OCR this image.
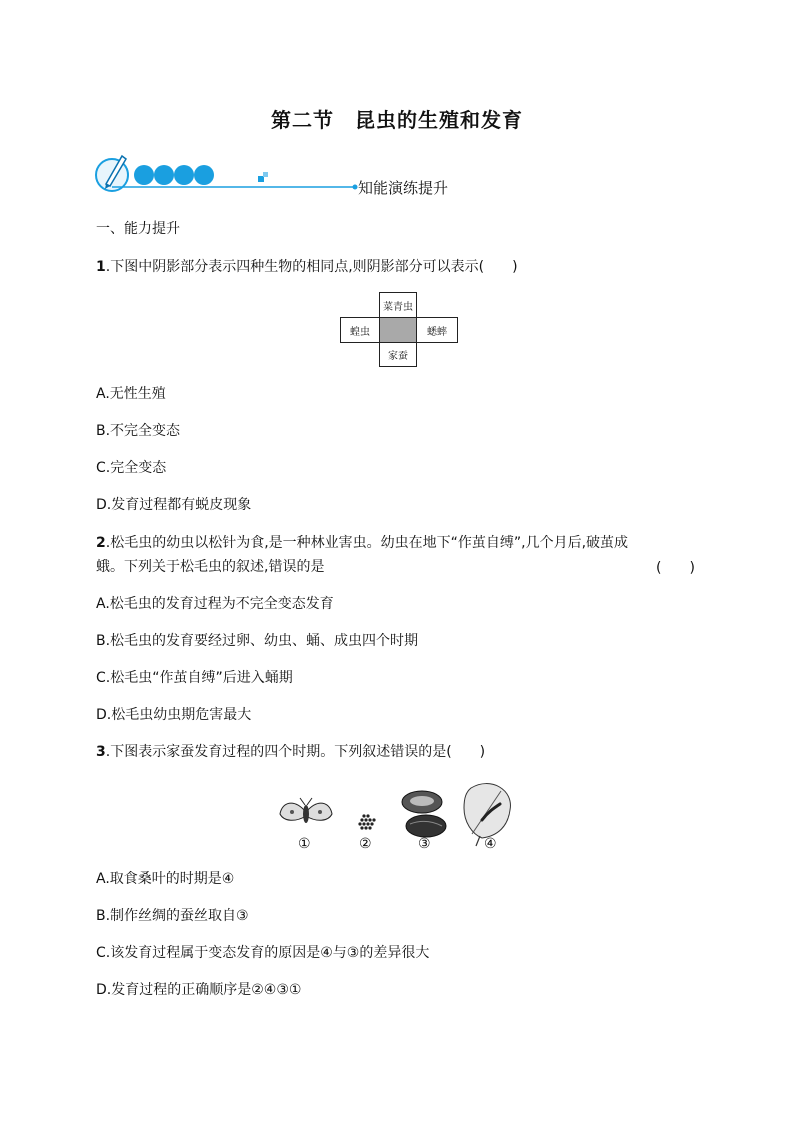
第二节　昆虫的生殖和发育
知能演练提升
一、能力提升
1.下图中阴影部分表示四种生物的相同点,则阴影部分可以表示(　　)
菜青虫
蝗虫	蟋蟀
家蚕
A.无性生殖
B.不完全变态
C.完全变态
D.发育过程都有蜕皮现象
2.松毛虫的幼虫以松针为食,是一种林业害虫。幼虫在地下“作茧自缚”,几个月后,破茧成
蛾。下列关于松毛虫的叙述,错误的是	(　　)
A.松毛虫的发育过程为不完全变态发育
B.松毛虫的发育要经过卵、幼虫、蛹、成虫四个时期
C.松毛虫“作茧自缚”后进入蛹期
D.松毛虫幼虫期危害最大
3.下图表示家蚕发育过程的四个时期。下列叙述错误的是(　　)
①	②	③	④
A.取食桑叶的时期是④
B.制作丝绸的蚕丝取自③
C.该发育过程属于变态发育的原因是④与③的差异很大
D.发育过程的正确顺序是②④③①
